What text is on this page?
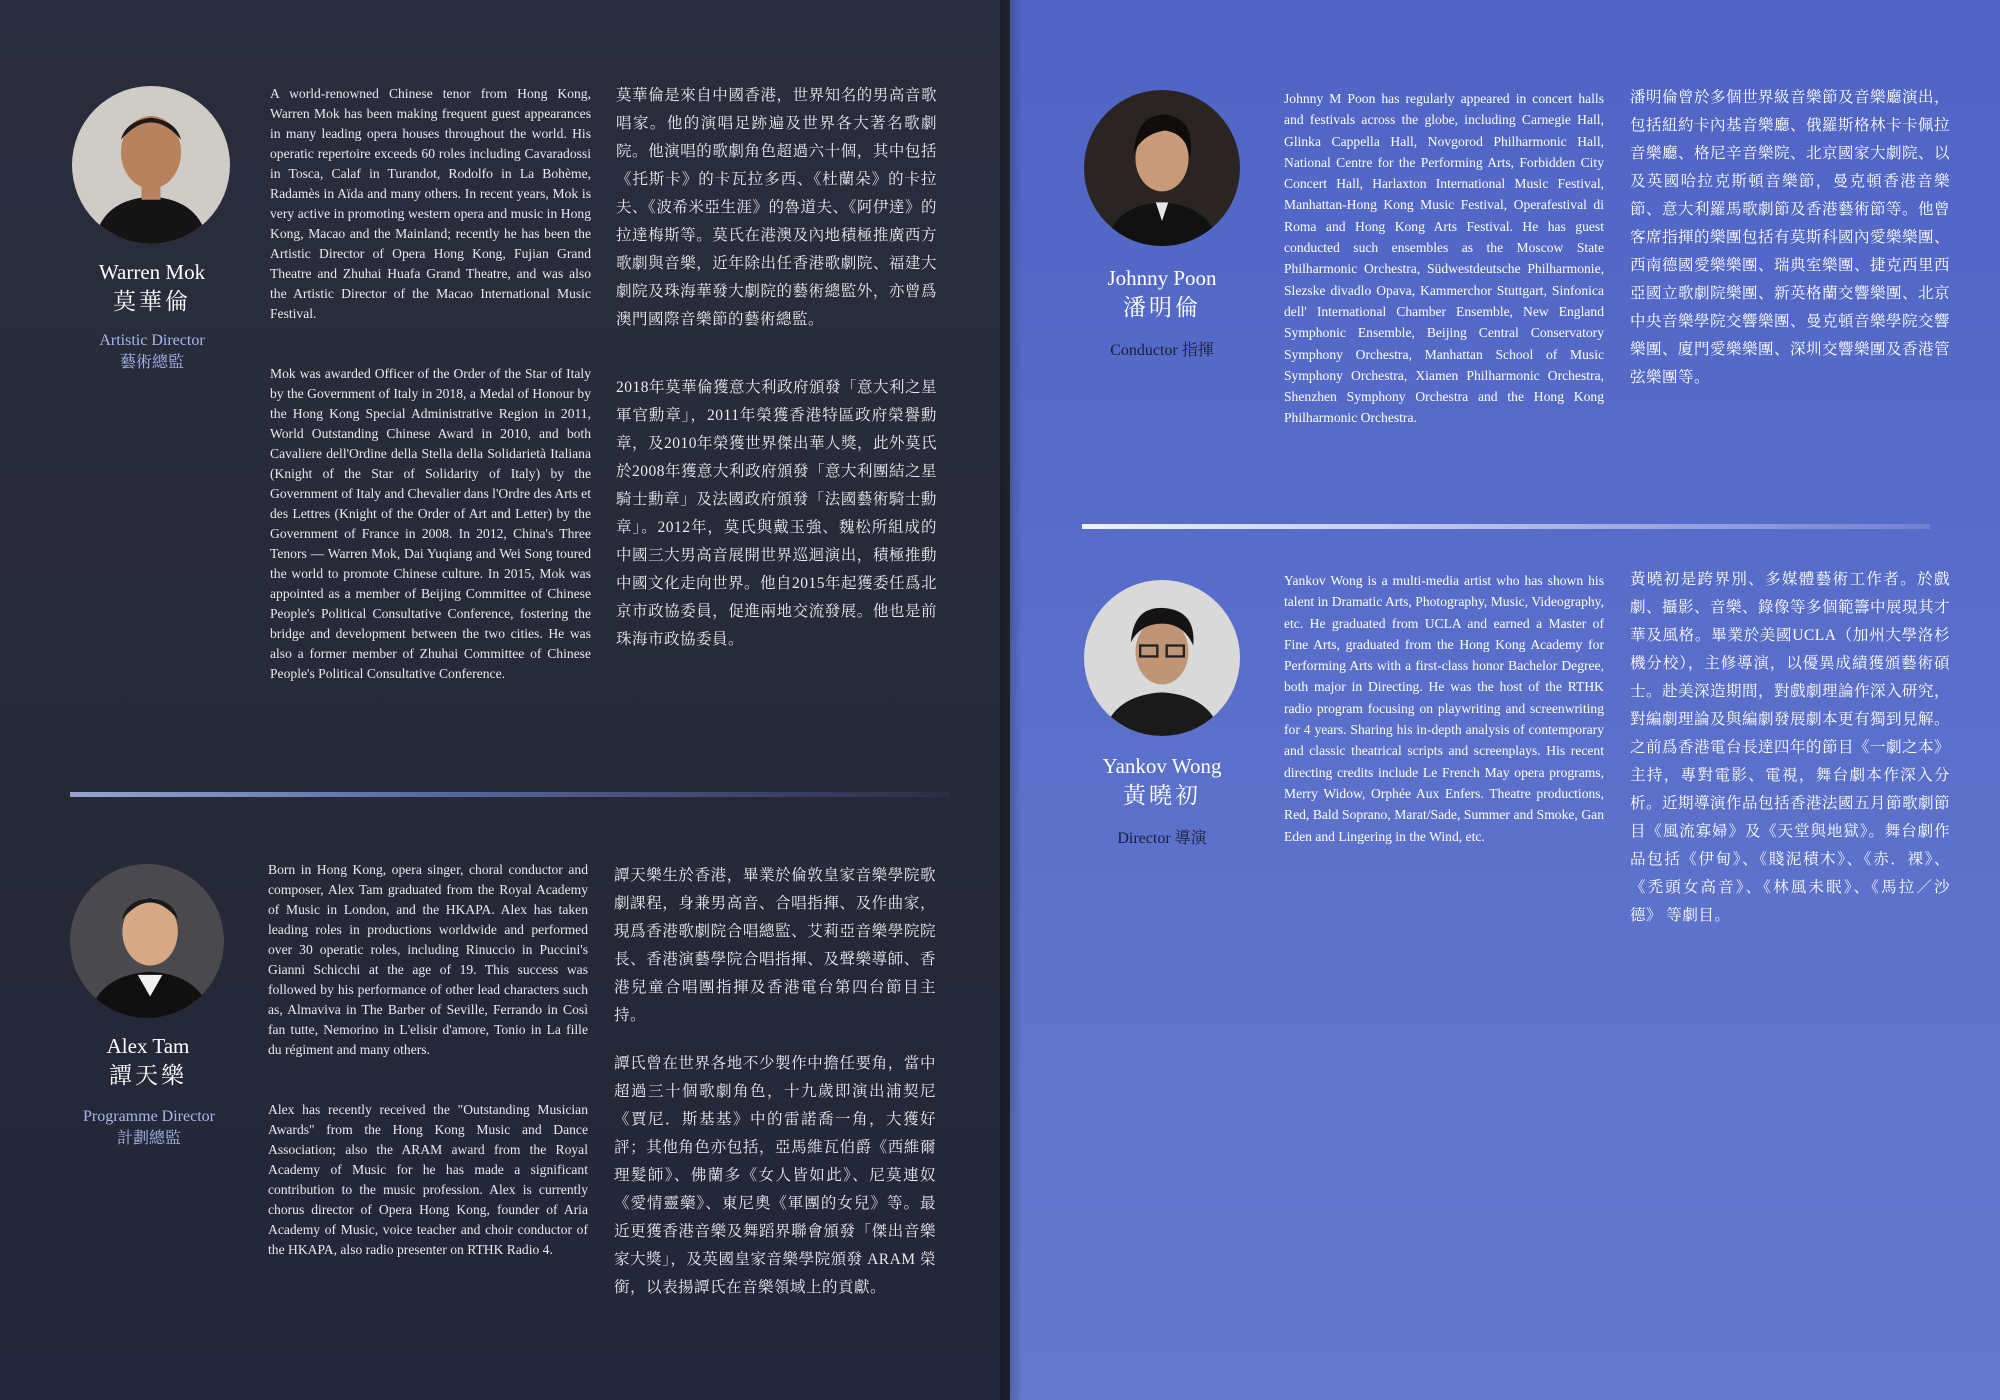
Warren Mok
莫華倫
Artistic Director
藝術總監

A world-renowned Chinese tenor from Hong Kong, Warren Mok has been making frequent guest appearances in many leading opera houses throughout the world. His operatic repertoire exceeds 60 roles including Cavaradossi in Tosca, Calaf in Turandot, Rodolfo in La Bohème, Radamès in Aïda and many others. In recent years, Mok is very active in promoting western opera and music in Hong Kong, Macao and the Mainland; recently he has been the Artistic Director of Opera Hong Kong, Fujian Grand Theatre and Zhuhai Huafa Grand Theatre, and was also the Artistic Director of the Macao International Music Festival.

Mok was awarded Officer of the Order of the Star of Italy by the Government of Italy in 2018, a Medal of Honour by the Hong Kong Special Administrative Region in 2011, World Outstanding Chinese Award in 2010, and both Cavaliere dell'Ordine della Stella della Solidarietà Italiana (Knight of the Star of Solidarity of Italy) by the Government of Italy and Chevalier dans l'Ordre des Arts et des Lettres (Knight of the Order of Art and Letter) by the Government of France in 2008. In 2012, China's Three Tenors — Warren Mok, Dai Yuqiang and Wei Song toured the world to promote Chinese culture. In 2015, Mok was appointed as a member of Beijing Committee of Chinese People's Political Consultative Conference, fostering the bridge and development between the two cities. He was also a former member of Zhuhai Committee of Chinese People's Political Consultative Conference.

莫華倫是來自中國香港，世界知名的男高音歌唱家。他的演唱足跡遍及世界各大著名歌劇院。他演唱的歌劇角色超過六十個，其中包括《托斯卡》的卡瓦拉多西、《杜蘭朵》的卡拉夫、《波希米亞生涯》的魯道夫、《阿伊達》的拉達梅斯等。莫氏在港澳及內地積極推廣西方歌劇與音樂，近年除出任香港歌劇院、福建大劇院及珠海華發大劇院的藝術總監外，亦曾爲澳門國際音樂節的藝術總監。

2018年莫華倫獲意大利政府頒發「意大利之星軍官勳章」，2011年榮獲香港特區政府榮譽勳章，及2010年榮獲世界傑出華人獎，此外莫氏於2008年獲意大利政府頒發「意大利團結之星騎士勳章」及法國政府頒發「法國藝術騎士勳章」。2012年，莫氏與戴玉強、魏松所組成的中國三大男高音展開世界巡迴演出，積極推動中國文化走向世界。他自2015年起獲委任爲北京市政協委員，促進兩地交流發展。他也是前珠海市政協委員。

Alex Tam
譚天樂
Programme Director
計劃總監

Born in Hong Kong, opera singer, choral conductor and composer, Alex Tam graduated from the Royal Academy of Music in London, and the HKAPA. Alex has taken leading roles in productions worldwide and performed over 30 operatic roles, including Rinuccio in Puccini's Gianni Schicchi at the age of 19. This success was followed by his performance of other lead characters such as, Almaviva in The Barber of Seville, Ferrando in Così fan tutte, Nemorino in L'elisir d'amore, Tonio in La fille du régiment and many others.

Alex has recently received the "Outstanding Musician Awards" from the Hong Kong Music and Dance Association; also the ARAM award from the Royal Academy of Music for he has made a significant contribution to the music profession. Alex is currently chorus director of Opera Hong Kong, founder of Aria Academy of Music, voice teacher and choir conductor of the HKAPA, also radio presenter on RTHK Radio 4.

譚天樂生於香港，畢業於倫敦皇家音樂學院歌劇課程，身兼男高音、合唱指揮、及作曲家，現爲香港歌劇院合唱總監、艾莉亞音樂學院院長、香港演藝學院合唱指揮、及聲樂導師、香港兒童合唱團指揮及香港電台第四台節目主持。

譚氏曾在世界各地不少製作中擔任要角，當中超過三十個歌劇角色，十九歲即演出浦契尼《賈尼．斯基基》中的雷諾喬一角，大獲好評；其他角色亦包括，亞馬維瓦伯爵《西維爾理髮師》、佛蘭多《女人皆如此》、尼莫連奴《愛情靈藥》、東尼奧《軍團的女兒》等。最近更獲香港音樂及舞蹈界聯會頒發「傑出音樂家大獎」，及英國皇家音樂學院頒發 ARAM 榮銜，以表揚譚氏在音樂領域上的貢獻。

Johnny Poon
潘明倫
Conductor 指揮

Johnny M Poon has regularly appeared in concert halls and festivals across the globe, including Carnegie Hall, Glinka Cappella Hall, Novgorod Philharmonic Hall, National Centre for the Performing Arts, Forbidden City Concert Hall, Harlaxton International Music Festival, Manhattan-Hong Kong Music Festival, Operafestival di Roma and Hong Kong Arts Festival. He has guest conducted such ensembles as the Moscow State Philharmonic Orchestra, Südwestdeutsche Philharmonie, Slezske divadlo Opava, Kammerchor Stuttgart, Sinfonica dell' International Chamber Ensemble, New England Symphonic Ensemble, Beijing Central Conservatory Symphony Orchestra, Manhattan School of Music Symphony Orchestra, Xiamen Philharmonic Orchestra, Shenzhen Symphony Orchestra and the Hong Kong Philharmonic Orchestra.

潘明倫曾於多個世界級音樂節及音樂廳演出，包括紐約卡內基音樂廳、俄羅斯格林卡卡佩拉音樂廳、格尼辛音樂院、北京國家大劇院、以及英國哈拉克斯頓音樂節，曼克頓香港音樂節、意大利羅馬歌劇節及香港藝術節等。他曾客席指揮的樂團包括有莫斯科國內愛樂樂團、西南德國愛樂樂團、瑞典室樂團、捷克西里西亞國立歌劇院樂團、新英格蘭交響樂團、北京中央音樂學院交響樂團、曼克頓音樂學院交響樂團、廈門愛樂樂團、深圳交響樂團及香港管弦樂團等。

Yankov Wong
黃曉初
Director 導演

Yankov Wong is a multi-media artist who has shown his talent in Dramatic Arts, Photography, Music, Videography, etc. He graduated from UCLA and earned a Master of Fine Arts, graduated from the Hong Kong Academy for Performing Arts with a first-class honor Bachelor Degree, both major in Directing. He was the host of the RTHK radio program focusing on playwriting and screenwriting for 4 years. Sharing his in-depth analysis of contemporary and classic theatrical scripts and screenplays. His recent directing credits include Le French May opera programs, Merry Widow, Orphée Aux Enfers. Theatre productions, Red, Bald Soprano, Marat/Sade, Summer and Smoke, Gan Eden and Lingering in the Wind, etc.

黃曉初是跨界別、多媒體藝術工作者。於戲劇、攝影、音樂、錄像等多個範籌中展現其才華及風格。畢業於美國UCLA（加州大學洛杉機分校），主修導演，以優異成績獲頒藝術碩士。赴美深造期間，對戲劇理論作深入研究，對編劇理論及與編劇發展劇本更有獨到見解。之前爲香港電台長達四年的節目《一劇之本》主持，專對電影、電視，舞台劇本作深入分析。近期導演作品包括香港法國五月節歌劇節目《風流寡婦》及《天堂與地獄》。舞台劇作品包括《伊甸》、《賤泥積木》、《赤．裸》、《禿頭女高音》、《林風未眠》、《馬拉／沙德》 等劇目。
